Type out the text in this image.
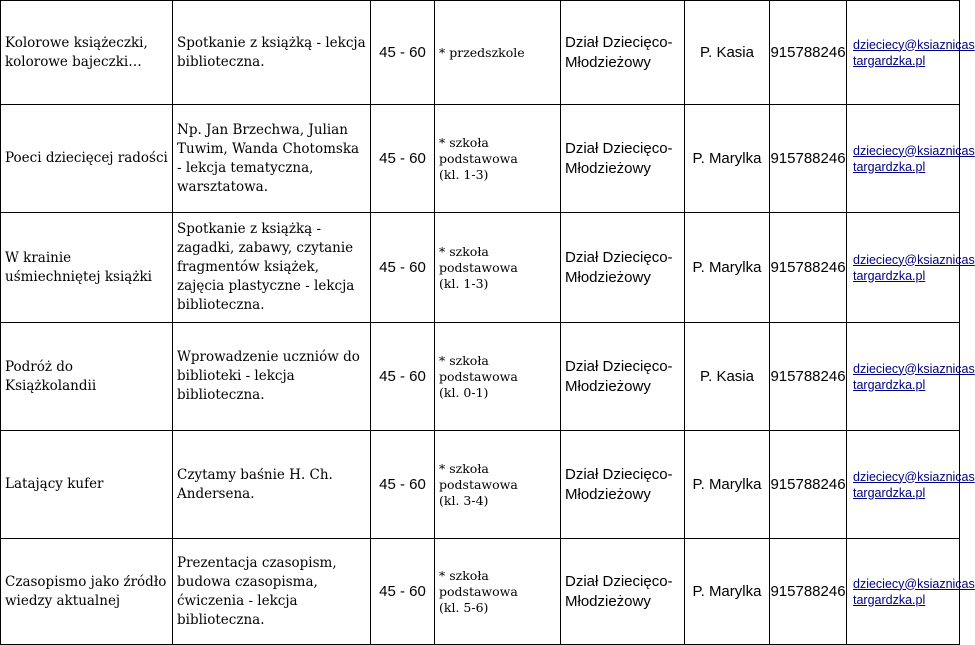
Kolorowe książeczki, kolorowe bajeczki…	Spotkanie z książką - lekcja biblioteczna.	45 - 60	* przedszkole	Dział Dziecięco-
Młodzieżowy	P. Kasia	915788246	dzieciecy@ksiaznicas
targardzka.pl

Poeci dziecięcej radości	Np. Jan Brzechwa, Julian Tuwim, Wanda Chotomska - lekcja tematyczna, warsztatowa.	45 - 60	* szkoła podstawowa
(kl. 1-3)	Dział Dziecięco-
Młodzieżowy	P. Marylka	915788246	dzieciecy@ksiaznicas
targardzka.pl

W krainie uśmiechniętej książki	Spotkanie z książką - zagadki, zabawy, czytanie fragmentów książek, zajęcia plastyczne - lekcja biblioteczna.	45 - 60	* szkoła podstawowa
(kl. 1-3)	Dział Dziecięco-
Młodzieżowy	P. Marylka	915788246	dzieciecy@ksiaznicas
targardzka.pl

Podróż do Książkolandii	Wprowadzenie uczniów do biblioteki - lekcja biblioteczna.	45 - 60	* szkoła podstawowa
(kl. 0-1)	Dział Dziecięco-
Młodzieżowy	P. Kasia	915788246	dzieciecy@ksiaznicas
targardzka.pl

Latający kufer	Czytamy baśnie H. Ch. Andersena.	45 - 60	* szkoła podstawowa
(kl. 3-4)	Dział Dziecięco-
Młodzieżowy	P. Marylka	915788246	dzieciecy@ksiaznicas
targardzka.pl

Czasopismo jako źródło wiedzy aktualnej	Prezentacja czasopism, budowa czasopisma, ćwiczenia - lekcja biblioteczna.	45 - 60	* szkoła podstawowa
(kl. 5-6)	Dział Dziecięco-
Młodzieżowy	P. Marylka	915788246	dzieciecy@ksiaznicas
targardzka.pl
